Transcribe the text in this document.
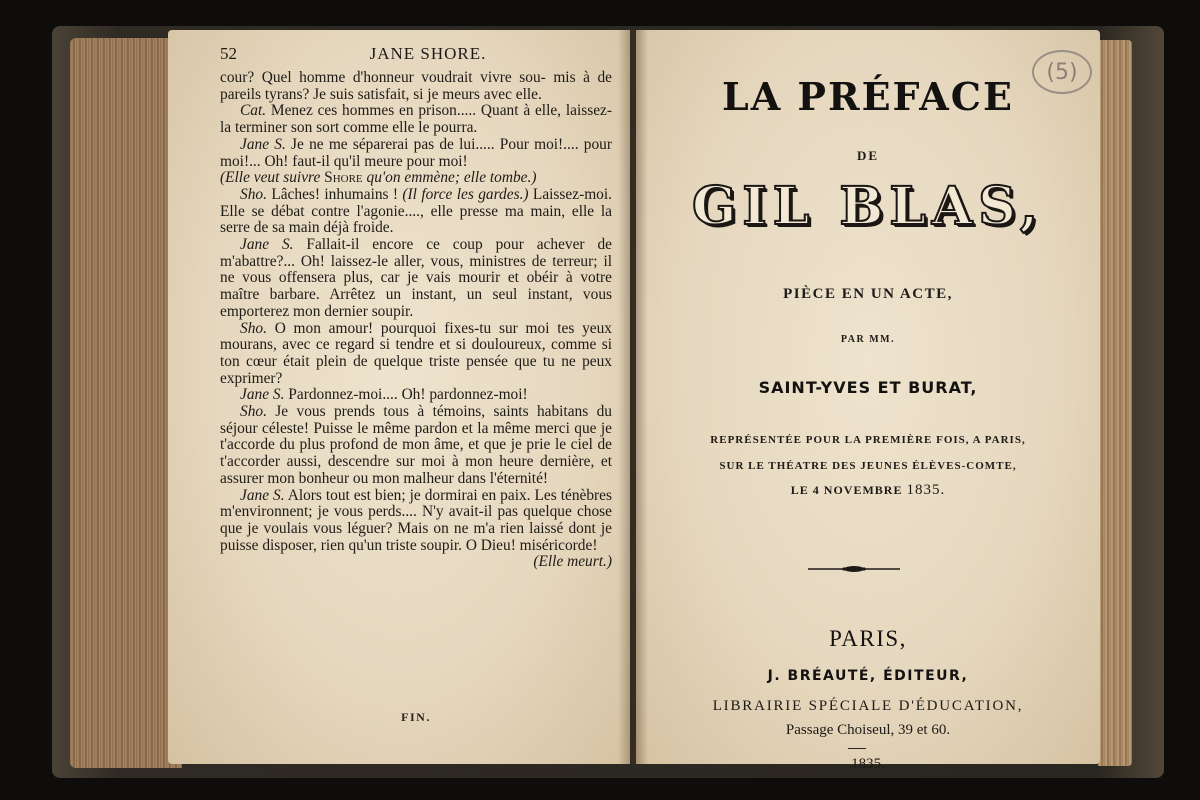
52	JANE SHORE.

cour? Quel homme d'honneur voudrait vivre sou- mis à de pareils tyrans? Je suis satisfait, si je meurs avec elle.

Cat. Menez ces hommes en prison..... Quant à elle, laissez-la terminer son sort comme elle le pourra.

Jane S. Je ne me séparerai pas de lui..... Pour moi!.... pour moi!... Oh! faut-il qu'il meure pour moi!

(Elle veut suivre Shore qu'on emmène; elle tombe.)

Sho. Lâches! inhumains ! (Il force les gardes.) Laissez-moi. Elle se débat contre l'agonie...., elle presse ma main, elle la serre de sa main déjà froide.

Jane S. Fallait-il encore ce coup pour achever de m'abattre?... Oh! laissez-le aller, vous, ministres de terreur; il ne vous offensera plus, car je vais mourir et obéir à votre maître barbare. Arrêtez un instant, un seul instant, vous emporterez mon dernier soupir.

Sho. O mon amour! pourquoi fixes-tu sur moi tes yeux mourans, avec ce regard si tendre et si douloureux, comme si ton cœur était plein de quelque triste pensée que tu ne peux exprimer?

Jane S. Pardonnez-moi.... Oh! pardonnez-moi!

Sho. Je vous prends tous à témoins, saints habitans du séjour céleste! Puisse le même pardon et la même merci que je t'accorde du plus profond de mon âme, et que je prie le ciel de t'accorder aussi, descendre sur moi à mon heure dernière, et assurer mon bonheur ou mon malheur dans l'éternité!

Jane S. Alors tout est bien; je dormirai en paix. Les ténèbres m'environnent; je vous perds.... N'y avait-il pas quelque chose que je voulais vous léguer? Mais on ne m'a rien laissé dont je puisse disposer, rien qu'un triste soupir. O Dieu! miséricorde!

(Elle meurt.)

FIN.
(5)
LA PRÉFACE
DE
GIL BLAS,
PIÈCE EN UN ACTE,
PAR MM.
SAINT-YVES ET BURAT,
REPRÉSENTÉE POUR LA PREMIÈRE FOIS, A PARIS,
SUR LE THÉATRE DES JEUNES ÉLÈVES-COMTE,
LE 4 NOVEMBRE 1835.
PARIS,
J. BRÉAUTÉ, ÉDITEUR,
LIBRAIRIE SPÉCIALE D'ÉDUCATION,
Passage Choiseul, 39 et 60.
1835.
